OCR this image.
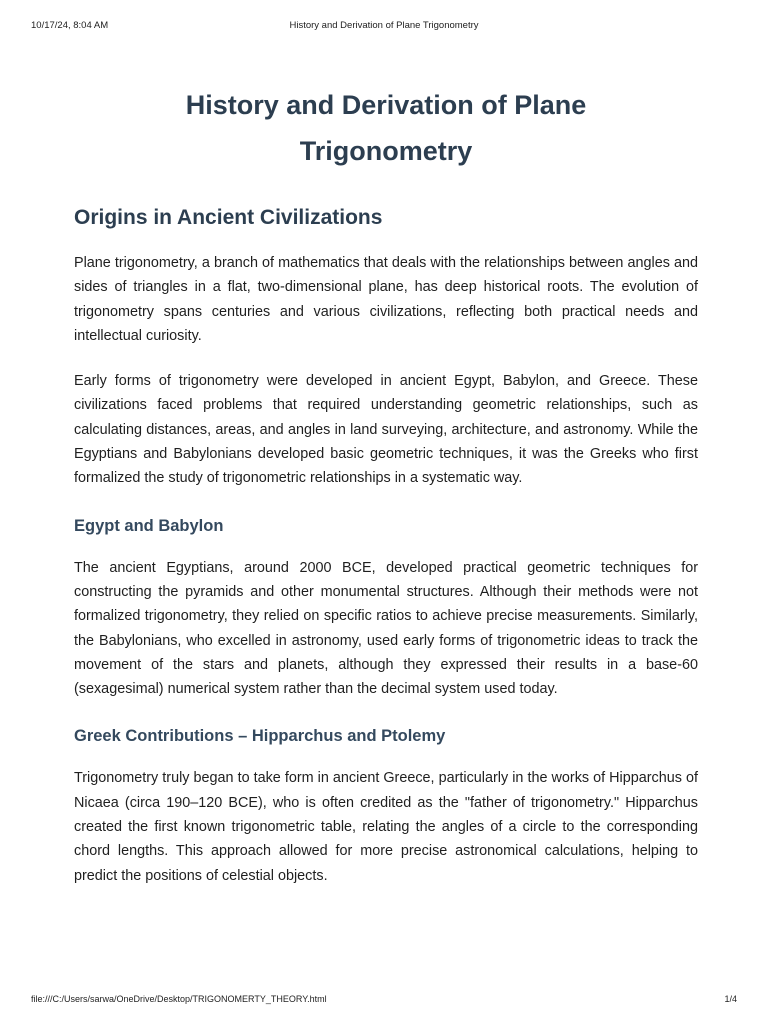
10/17/24, 8:04 AM	History and Derivation of Plane Trigonometry
History and Derivation of Plane Trigonometry
Origins in Ancient Civilizations

Plane trigonometry, a branch of mathematics that deals with the relationships between angles and sides of triangles in a flat, two-dimensional plane, has deep historical roots. The evolution of trigonometry spans centuries and various civilizations, reflecting both practical needs and intellectual curiosity.

Early forms of trigonometry were developed in ancient Egypt, Babylon, and Greece. These civilizations faced problems that required understanding geometric relationships, such as calculating distances, areas, and angles in land surveying, architecture, and astronomy. While the Egyptians and Babylonians developed basic geometric techniques, it was the Greeks who first formalized the study of trigonometric relationships in a systematic way.

Egypt and Babylon

The ancient Egyptians, around 2000 BCE, developed practical geometric techniques for constructing the pyramids and other monumental structures. Although their methods were not formalized trigonometry, they relied on specific ratios to achieve precise measurements. Similarly, the Babylonians, who excelled in astronomy, used early forms of trigonometric ideas to track the movement of the stars and planets, although they expressed their results in a base-60 (sexagesimal) numerical system rather than the decimal system used today.

Greek Contributions – Hipparchus and Ptolemy

Trigonometry truly began to take form in ancient Greece, particularly in the works of Hipparchus of Nicaea (circa 190–120 BCE), who is often credited as the "father of trigonometry." Hipparchus created the first known trigonometric table, relating the angles of a circle to the corresponding chord lengths. This approach allowed for more precise astronomical calculations, helping to predict the positions of celestial objects.

file:///C:/Users/sarwa/OneDrive/Desktop/TRIGONOMERTY_THEORY.html	1/4
